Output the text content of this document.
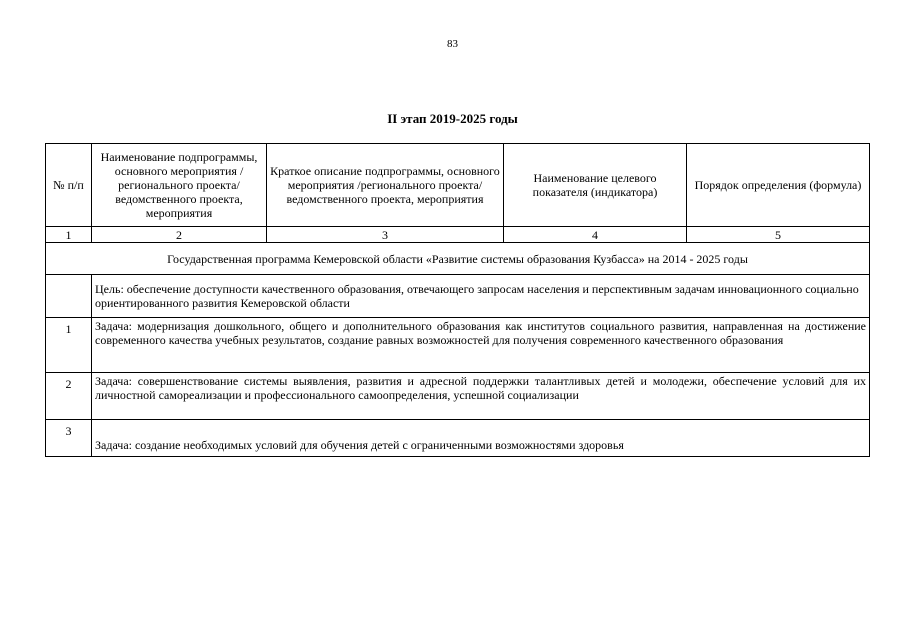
83
II этап 2019-2025 годы
№ п/п	Наименование подпрограммы, основного мероприятия /регионального проекта/ведомственного проекта, мероприятия	Краткое описание подпрограммы, основного мероприятия /регионального проекта/ведомственного проекта, мероприятия	Наименование целевого показателя (индикатора)	Порядок определения (формула)
1	2	3	4	5
Государственная программа Кемеровской области «Развитие системы образования Кузбасса» на 2014 - 2025 годы				
	Цель: обеспечение доступности качественного образования, отвечающего запросам населения и перспективным задачам инновационного социально ориентированного развития Кемеровской области			
1	Задача: модернизация дошкольного, общего и дополнительного образования как институтов социального развития, направленная на достижение современного качества учебных результатов, создание равных возможностей для получения современного качественного образования			
2	Задача: совершенствование системы выявления, развития и адресной поддержки талантливых детей и молодежи, обеспечение условий для их личностной самореализации и профессионального самоопределения, успешной социализации			
3	Задача: создание необходимых условий для обучения детей с ограниченными возможностями здоровья			
